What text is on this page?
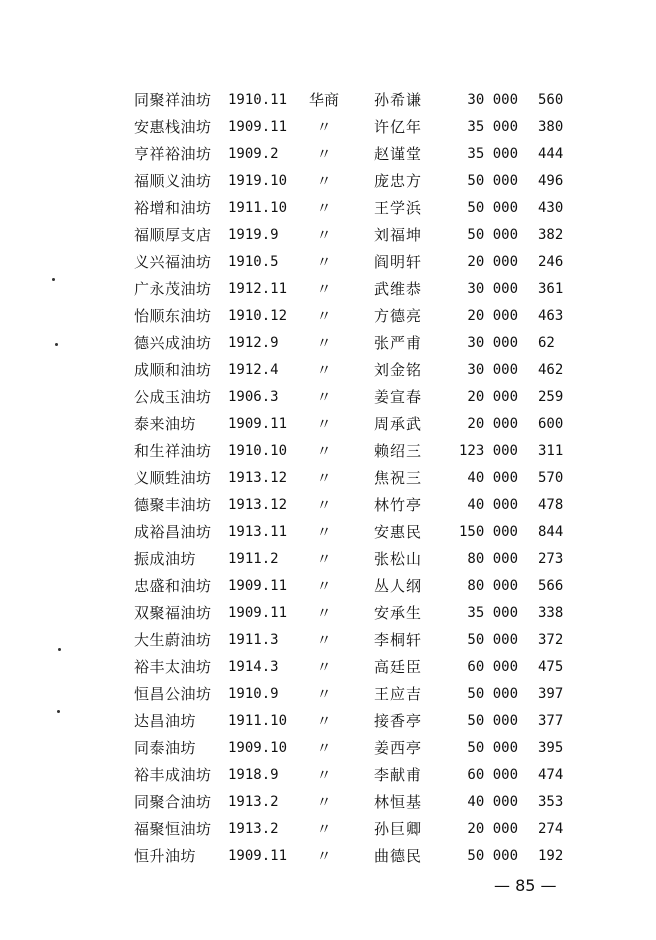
同聚祥油坊 1910.11	华商	孙希谦	30 000 560
安惠栈油坊 1909.11	〃	许亿年	35 000 380
亨祥裕油坊 1909.2	〃	赵谨堂	35 000 444
福顺义油坊 1919.10	〃	庞忠方	50 000 496
裕增和油坊 1911.10	〃	王学浜	50 000 430
福顺厚支店 1919.9	〃	刘福坤	50 000 382
义兴福油坊 1910.5	〃	阎明轩	20 000 246
广永茂油坊 1912.11	〃	武维恭	30 000 361
怡顺东油坊 1910.12	〃	方德亮	20 000 463
德兴成油坊 1912.9	〃	张严甫	30 000 62
成顺和油坊 1912.4	〃	刘金铭	30 000 462
公成玉油坊 1906.3	〃	姜宣春	20 000 259
泰来油坊 1909.11	〃	周承武	20 000 600
和生祥油坊 1910.10	〃	赖绍三	123 000 311
义顺甡油坊 1913.12	〃	焦祝三	40 000 570
德聚丰油坊 1913.12	〃	林竹亭	40 000 478
成裕昌油坊 1913.11	〃	安惠民	150 000 844
振成油坊 1911.2	〃	张松山	80 000 273
忠盛和油坊 1909.11	〃	丛人纲	80 000 566
双聚福油坊 1909.11	〃	安承生	35 000 338
大生蔚油坊 1911.3	〃	李桐轩	50 000 372
裕丰太油坊 1914.3	〃	高廷臣	60 000 475
恒昌公油坊 1910.9	〃	王应吉	50 000 397
达昌油坊 1911.10	〃	接香亭	50 000 377
同泰油坊 1909.10	〃	姜西亭	50 000 395
裕丰成油坊 1918.9	〃	李献甫	60 000 474
同聚合油坊 1913.2	〃	林恒基	40 000 353
福聚恒油坊 1913.2	〃	孙巨卿	20 000 274
恒升油坊 1909.11	〃	曲德民	50 000 192
— 85 —
